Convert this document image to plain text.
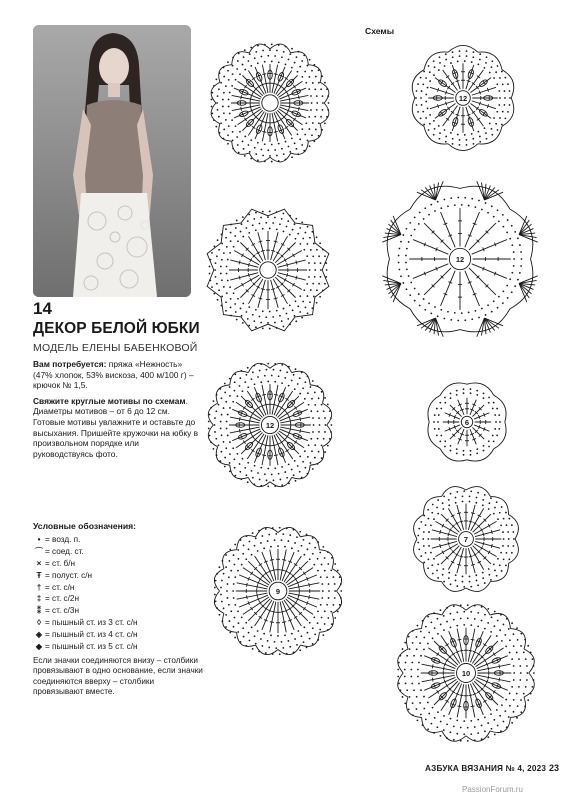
14
ДЕКОР БЕЛОЙ ЮБКИ
МОДЕЛЬ ЕЛЕНЫ БАБЕНКОВОЙ

Вам потребуется: пряжа «Нежность» (47% хлопок, 53% вискоза, 400 м/100 г) – крючок № 1,5.

Свяжите круглые мотивы по схемам. Диаметры мотивов – от 6 до 12 см. Готовые мотивы увлажните и оставьте до высыхания. Пришейте кружочки на юбку в произвольном порядке или руководствуясь фото.

Условные обозначения:
• = возд. п.
⌒ = соед. ст.
× = ст. б/н
Ŧ = полуст. с/н
† = ст. с/н
‡ = ст. с/2н
⁑ = ст. с/3н
◊ = пышный ст. из 3 ст. с/н
◈ = пышный ст. из 4 ст. с/н
◆ = пышный ст. из 5 ст. с/н
Если значки соединяются внизу – столбики провязывают в одно основание, если значки соединяются вверху – столбики провязывают вместе.
Схемы
12
12
12	6
7
9
10
АЗБУКА ВЯЗАНИЯ № 4, 2023 23
PassionForum.ru
